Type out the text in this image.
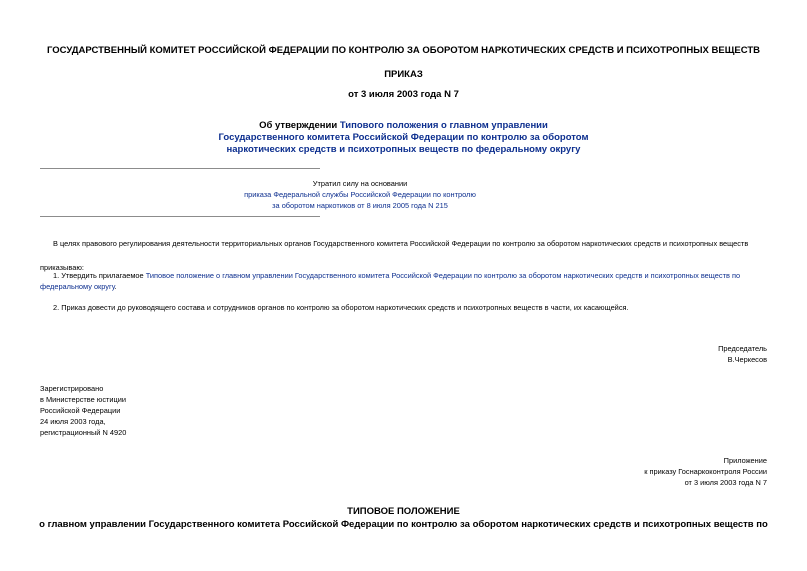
ГОСУДАРСТВЕННЫЙ КОМИТЕТ РОССИЙСКОЙ ФЕДЕРАЦИИ ПО КОНТРОЛЮ ЗА ОБОРОТОМ НАРКОТИЧЕСКИХ СРЕДСТВ И ПСИХОТРОПНЫХ ВЕЩЕСТВ
ПРИКАЗ
от 3 июля 2003 года N 7
Об утверждении Типового положения о главном управлении
Государственного комитета Российской Федерации по контролю за оборотом
наркотических средств и психотропных веществ по федеральному округу
Утратил силу на основании
приказа Федеральной службы Российской Федерации по контролю
за оборотом наркотиков от 8 июля 2005 года N 215
В целях правового регулирования деятельности территориальных органов Государственного комитета Российской Федерации по контролю за оборотом наркотических средств и психотропных веществ
приказываю:
1. Утвердить прилагаемое Типовое положение о главном управлении Государственного комитета Российской Федерации по контролю за оборотом наркотических средств и психотропных веществ по
федеральному округу.
2. Приказ довести до руководящего состава и сотрудников органов по контролю за оборотом наркотических средств и психотропных веществ в части, их касающейся.
Председатель
В.Черкесов
Зарегистрировано
в Министерстве юстиции
Российской Федерации
24 июля 2003 года,
регистрационный N 4920
Приложение
к приказу Госнаркоконтроля России
от 3 июля 2003 года N 7
ТИПОВОЕ ПОЛОЖЕНИЕ
о главном управлении Государственного комитета Российской Федерации по контролю за оборотом наркотических средств и психотропных веществ по
